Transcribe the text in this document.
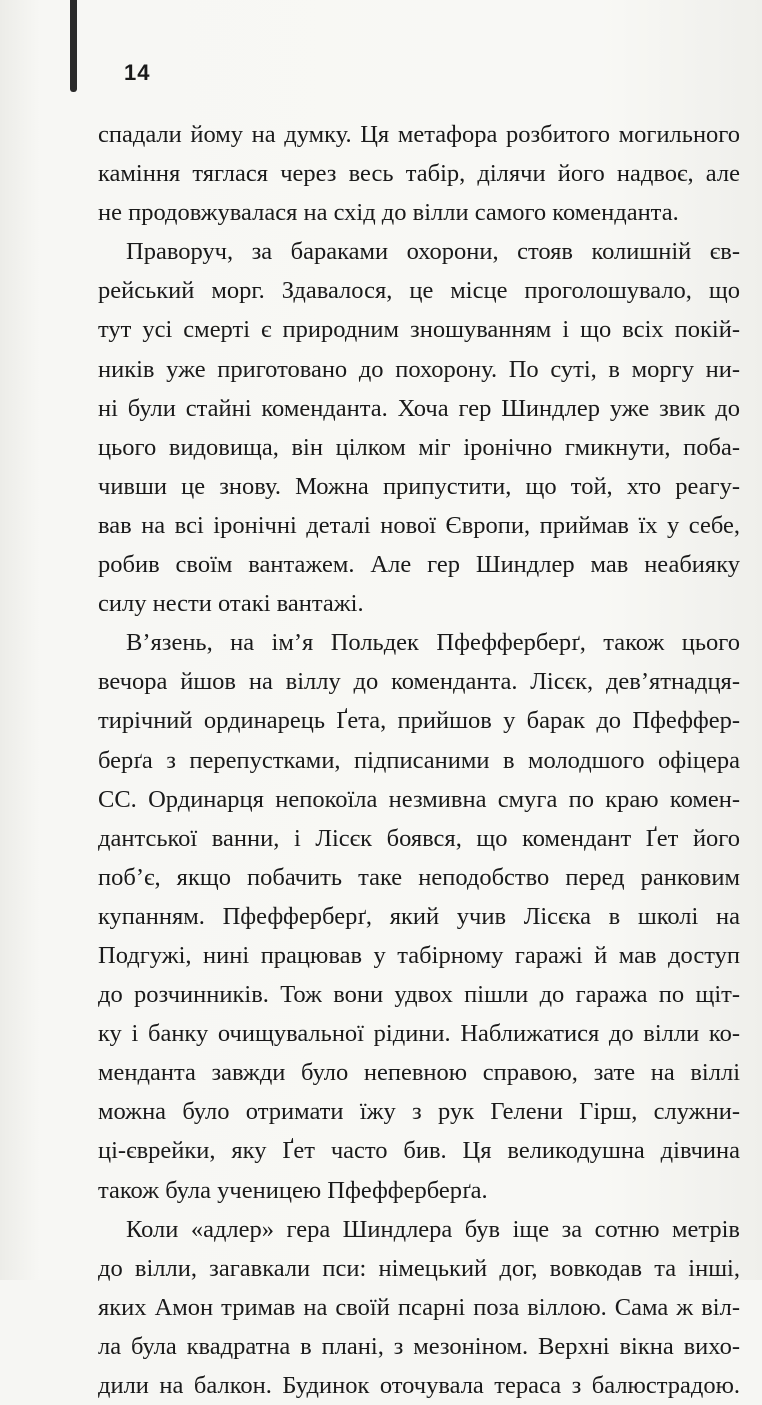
14
спадали йому на думку. Ця метафора розбитого могильного
каміння тяглася через весь табір, ділячи його надвоє, але
не продовжувалася на схід до вілли самого коменданта.
Праворуч, за бараками охорони, стояв колишній єв-
рейський морг. Здавалося, це місце проголошувало, що
тут усі смерті є природним зношуванням і що всіх покій-
ників уже приготовано до похорону. По суті, в моргу ни-
ні були стайні коменданта. Хоча гер Шиндлер уже звик до
цього видовища, він цілком міг іронічно гмикнути, поба-
чивши це знову. Можна припустити, що той, хто реагу-
вав на всі іронічні деталі нової Європи, приймав їх у себе,
робив своїм вантажем. Але гер Шиндлер мав неабияку
силу нести отакі вантажі.
В’язень, на ім’я Польдек Пфефферберґ, також цього
вечора йшов на віллу до коменданта. Лісєк, дев’ятнадця-
тирічний ординарець Ґета, прийшов у барак до Пфеффер-
берґа з перепустками, підписаними в молодшого офіцера
СС. Ординарця непокоїла незмивна смуга по краю комен-
дантської ванни, і Лісєк боявся, що комендант Ґет його
поб’є, якщо побачить таке неподобство перед ранковим
купанням. Пфефферберґ, який учив Лісєка в школі на
Подгужі, нині працював у табірному гаражі й мав доступ
до розчинників. Тож вони удвох пішли до гаража по щіт-
ку і банку очищувальної рідини. Наближатися до вілли ко-
менданта завжди було непевною справою, зате на віллі
можна було отримати їжу з рук Гелени Гірш, служни-
ці-єврейки, яку Ґет часто бив. Ця великодушна дівчина
також була ученицею Пфефферберґа.
Коли «адлер» гера Шиндлера був іще за сотню метрів
до вілли, загавкали пси: німецький дог, вовкодав та інші,
яких Амон тримав на своїй псарні поза віллою. Сама ж віл-
ла була квадратна в плані, з мезоніном. Верхні вікна вихо-
дили на балкон. Будинок оточувала тераса з балюстрадою.
